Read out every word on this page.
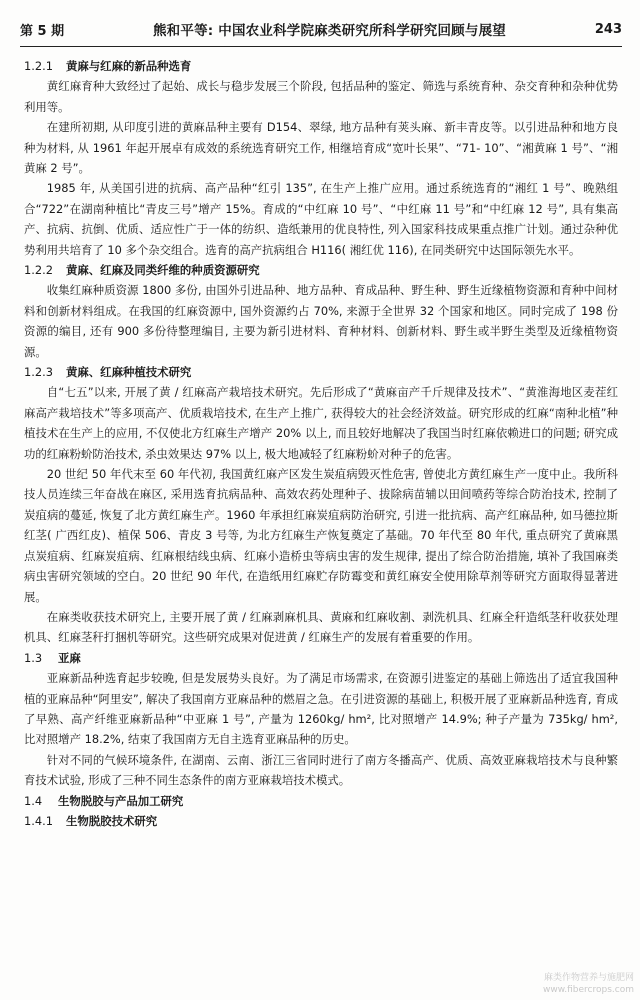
第 5 期	熊和平等: 中国农业科学院麻类研究所科学研究回顾与展望	243
1.2.1 黄麻与红麻的新品种选育

黄红麻育种大致经过了起始、成长与稳步发展三个阶段, 包括品种的鉴定、筛选与系统育种、杂交育种和杂种优势利用等。

在建所初期, 从印度引进的黄麻品种主要有 D154、翠绿, 地方品种有荚头麻、新丰青皮等。以引进品种和地方良种为材料, 从 1961 年起开展卓有成效的系统选育研究工作, 相继培育成“宽叶长果”、“71- 10”、“湘黄麻 1 号”、“湘黄麻 2 号”。

1985 年, 从美国引进的抗病、高产品种“红引 135”, 在生产上推广应用。通过系统选育的“湘红 1 号”、晚熟组合“722”在湖南种植比“青皮三号”增产 15%。育成的“中红麻 10 号”、“中红麻 11 号”和“中红麻 12 号”, 具有集高产、抗病、抗倒、优质、适应性广于一体的纺织、造纸兼用的优良特性, 列入国家科技成果重点推广计划。通过杂种优势利用共培育了 10 多个杂交组合。选育的高产抗病组合 H116( 湘红优 116), 在同类研究中达国际领先水平。

1.2.2 黄麻、红麻及同类纤维的种质资源研究

收集红麻种质资源 1800 多份, 由国外引进品种、地方品种、育成品种、野生种、野生近缘植物资源和育种中间材料和创新材料组成。在我国的红麻资源中, 国外资源约占 70%, 来源于全世界 32 个国家和地区。同时完成了 198 份资源的编目, 还有 900 多份待整理编目, 主要为新引进材料、育种材料、创新材料、野生或半野生类型及近缘植物资源。

1.2.3 黄麻、红麻种植技术研究

自“七五”以来, 开展了黄 / 红麻高产栽培技术研究。先后形成了“黄麻亩产千斤规律及技术”、“黄淮海地区麦茬红麻高产栽培技术”等多项高产、优质栽培技术, 在生产上推广, 获得较大的社会经济效益。研究形成的红麻“南种北植”种植技术在生产上的应用, 不仅使北方红麻生产增产 20% 以上, 而且较好地解决了我国当时红麻依赖进口的问题; 研究成功的红麻粉蚧防治技术, 杀虫效果达 97% 以上, 极大地减轻了红麻粉蚧对种子的危害。

20 世纪 50 年代末至 60 年代初, 我国黄红麻产区发生炭疽病毁灭性危害, 曾使北方黄红麻生产一度中止。我所科技人员连续三年奋战在麻区, 采用选育抗病品种、高效农药处理种子、拔除病苗辅以田间喷药等综合防治技术, 控制了炭疽病的蔓延, 恢复了北方黄红麻生产。1960 年承担红麻炭疽病防治研究, 引进一批抗病、高产红麻品种, 如马德拉斯红茎( 广西红皮)、植保 506、青皮 3 号等, 为北方红麻生产恢复奠定了基础。70 年代至 80 年代, 重点研究了黄麻黑点炭疽病、红麻炭疽病、红麻根结线虫病、红麻小造桥虫等病虫害的发生规律, 提出了综合防治措施, 填补了我国麻类病虫害研究领域的空白。20 世纪 90 年代, 在造纸用红麻贮存防霉变和黄红麻安全使用除草剂等研究方面取得显著进展。

在麻类收获技术研究上, 主要开展了黄 / 红麻剥麻机具、黄麻和红麻收割、剥洗机具、红麻全秆造纸茎秆收获处理机具、红麻茎秆打捆机等研究。这些研究成果对促进黄 / 红麻生产的发展有着重要的作用。

1.3 亚麻

亚麻新品种选育起步较晚, 但是发展势头良好。为了满足市场需求, 在资源引进鉴定的基础上筛选出了适宜我国种植的亚麻品种“阿里安”, 解决了我国南方亚麻品种的燃眉之急。在引进资源的基础上, 积极开展了亚麻新品种选育, 育成了早熟、高产纤维亚麻新品种“中亚麻 1 号”, 产量为 1260kg/ hm², 比对照增产 14.9%; 种子产量为 735kg/ hm², 比对照增产 18.2%, 结束了我国南方无自主选育亚麻品种的历史。

针对不同的气候环境条件, 在湖南、云南、浙江三省同时进行了南方冬播高产、优质、高效亚麻栽培技术与良种繁育技术试验, 形成了三种不同生态条件的南方亚麻栽培技术模式。

1.4 生物脱胶与产品加工研究
1.4.1 生物脱胶技术研究
麻类作物营养与施肥网
www.fibercrops.com
